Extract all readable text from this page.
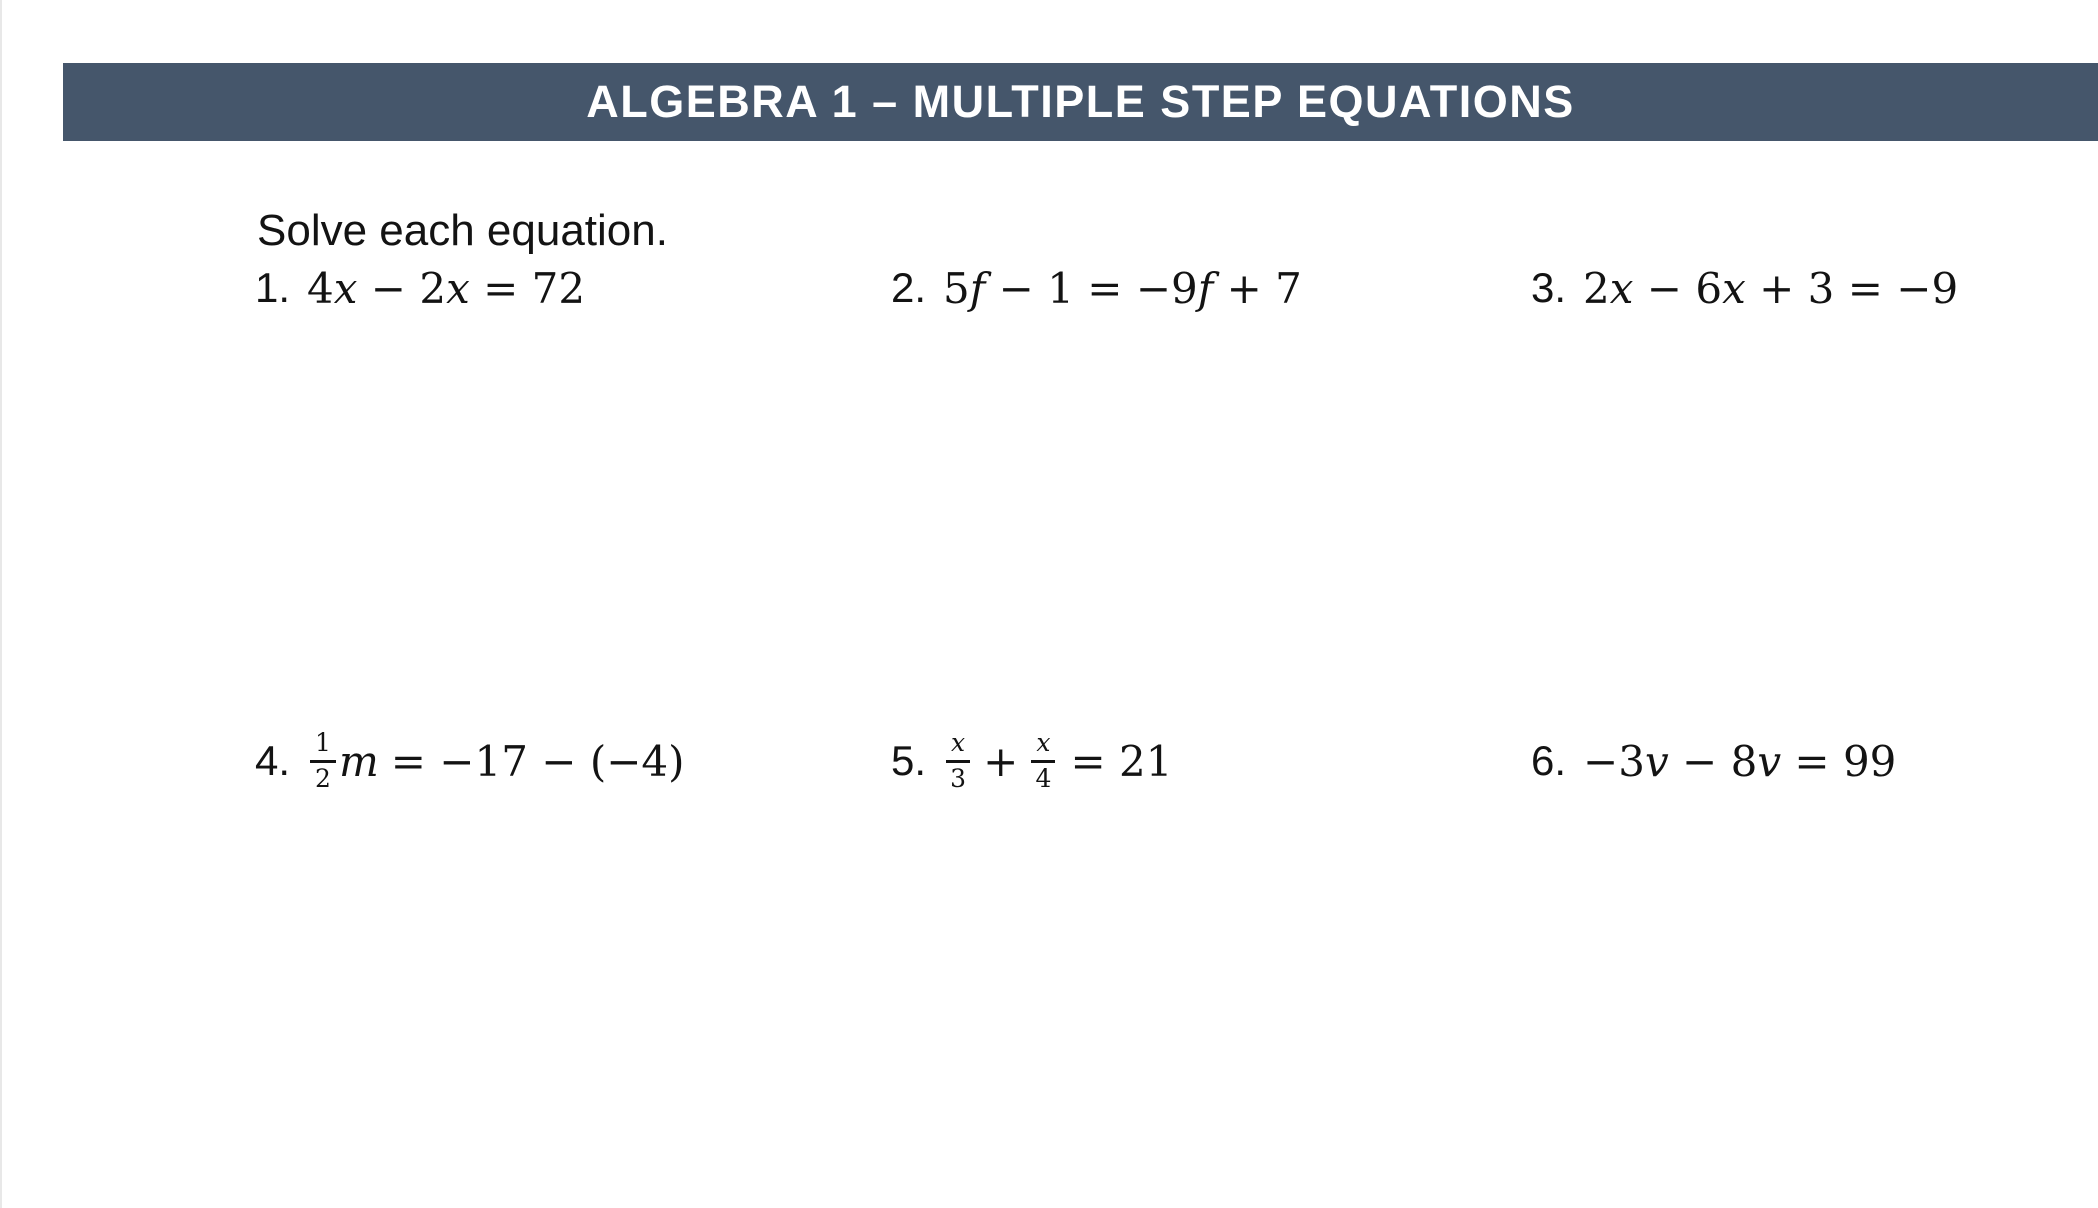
ALGEBRA 1 – MULTIPLE STEP EQUATIONS
Solve each equation.
1. 4x − 2x = 72	2. 5f − 1 = −9f + 7	3. 2x − 6x + 3 = −9
4. $\frac{1}{2}$ m = −17 − (−4)	5. $\frac{x}{3} + \frac{x}{4} = 21$	6. −3v − 8v = 99
